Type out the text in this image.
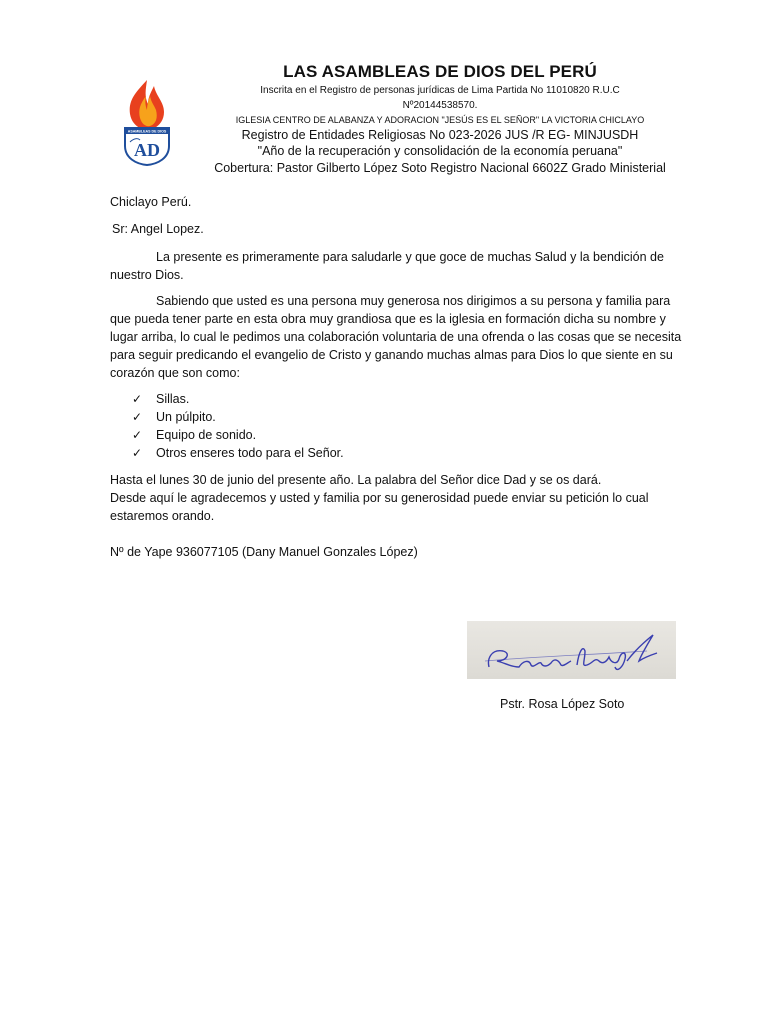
ASAMBLEAS DE DIOS
AD
LAS ASAMBLEAS DE DIOS DEL PERÚ
Inscrita en el Registro de personas jurídicas de Lima Partida No 11010820 R.U.C
Nº20144538570.
IGLESIA CENTRO DE ALABANZA Y ADORACION "JESÚS ES EL SEÑOR" LA VICTORIA CHICLAYO
Registro de Entidades Religiosas No 023-2026 JUS /R EG- MINJUSDH
"Año de la recuperación y consolidación de la economía peruana"
Cobertura: Pastor Gilberto López Soto Registro Nacional 6602Z Grado Ministerial

Chiclayo Perú.

Sr: Angel Lopez.

La presente es primeramente para saludarle y que goce de muchas Salud y la bendición de nuestro Dios.

Sabiendo que usted es una persona muy generosa nos dirigimos a su persona y familia para que pueda tener parte en esta obra muy grandiosa que es la iglesia en formación dicha su nombre y lugar arriba, lo cual le pedimos una colaboración voluntaria de una ofrenda o las cosas que se necesita para seguir predicando el evangelio de Cristo y ganando muchas almas para Dios lo que siente en su corazón que son como:

✓ Sillas.
✓ Un púlpito.
✓ Equipo de sonido.
✓ Otros enseres todo para el Señor.

Hasta el lunes 30 de junio del presente año. La palabra del Señor dice Dad y se os dará.

Desde aquí le agradecemos y usted y familia por su generosidad puede enviar su petición lo cual estaremos orando.

Nº de Yape 936077105 (Dany Manuel Gonzales López)

Pstr. Rosa López Soto
